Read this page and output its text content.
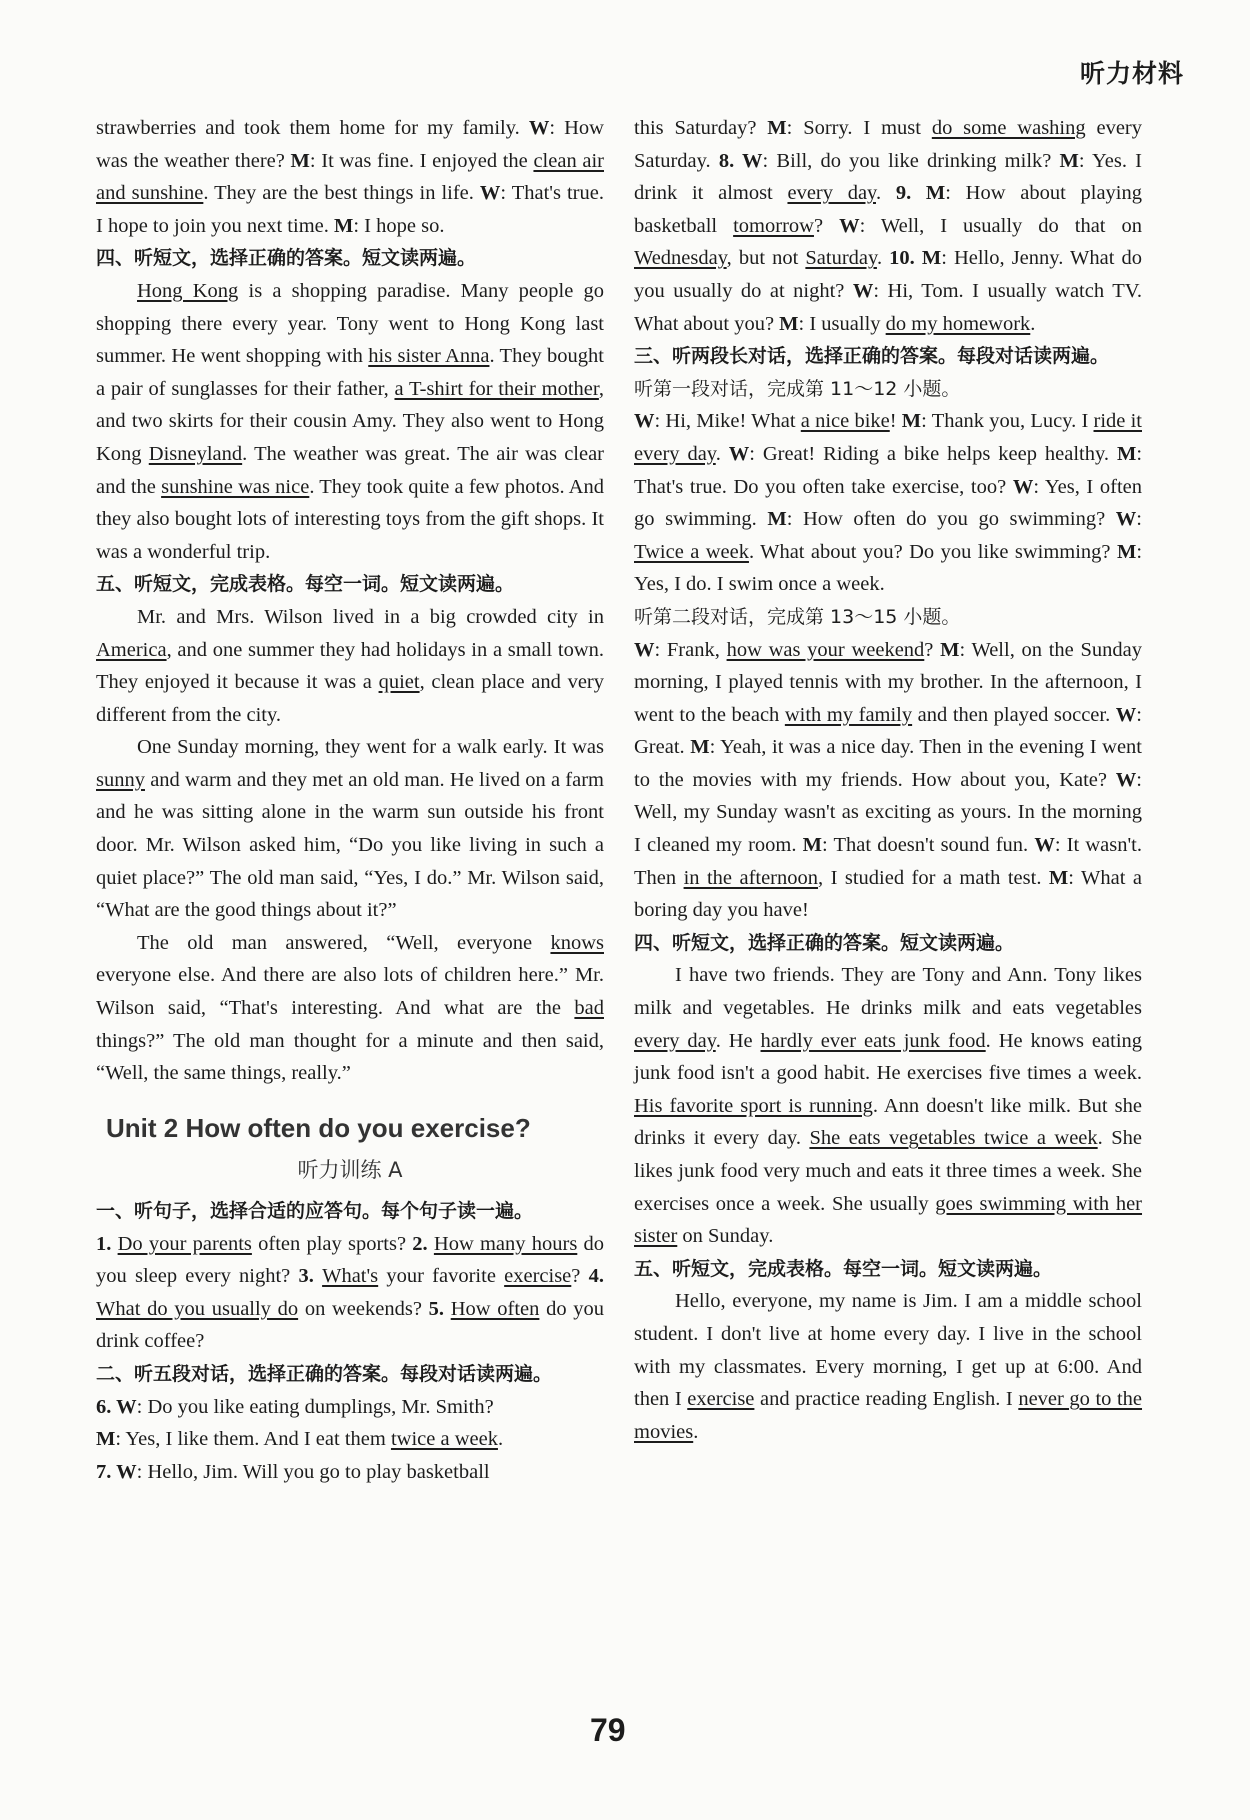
听力材料

strawberries and took them home for my family. W: How was the weather there? M: It was fine. I enjoyed the clean air and sunshine. They are the best things in life. W: That's true. I hope to join you next time. M: I hope so.

四、听短文，选择正确的答案。短文读两遍。

Hong Kong is a shopping paradise. Many people go shopping there every year. Tony went to Hong Kong last summer. He went shopping with his sister Anna. They bought a pair of sunglasses for their father, a T-shirt for their mother, and two skirts for their cousin Amy. They also went to Hong Kong Disneyland. The weather was great. The air was clear and the sunshine was nice. They took quite a few photos. And they also bought lots of interesting toys from the gift shops. It was a wonderful trip.

五、听短文，完成表格。每空一词。短文读两遍。

Mr. and Mrs. Wilson lived in a big crowded city in America, and one summer they had holidays in a small town. They enjoyed it because it was a quiet, clean place and very different from the city.

One Sunday morning, they went for a walk early. It was sunny and warm and they met an old man. He lived on a farm and he was sitting alone in the warm sun outside his front door. Mr. Wilson asked him, “Do you like living in such a quiet place?” The old man said, “Yes, I do.” Mr. Wilson said, “What are the good things about it?”

The old man answered, “Well, everyone knows everyone else. And there are also lots of children here.” Mr. Wilson said, “That's interesting. And what are the bad things?” The old man thought for a minute and then said, “Well, the same things, really.”

Unit 2 How often do you exercise?
听力训练 A

一、听句子，选择合适的应答句。每个句子读一遍。

1. Do your parents often play sports? 2. How many hours do you sleep every night? 3. What's your favorite exercise? 4. What do you usually do on weekends? 5. How often do you drink coffee?

二、听五段对话，选择正确的答案。每段对话读两遍。

6. W: Do you like eating dumplings, Mr. Smith?

M: Yes, I like them. And I eat them twice a week.

7. W: Hello, Jim. Will you go to play basketball

this Saturday? M: Sorry. I must do some washing every Saturday. 8. W: Bill, do you like drinking milk? M: Yes. I drink it almost every day. 9. M: How about playing basketball tomorrow? W: Well, I usually do that on Wednesday, but not Saturday. 10. M: Hello, Jenny. What do you usually do at night? W: Hi, Tom. I usually watch TV. What about you? M: I usually do my homework.

三、听两段长对话，选择正确的答案。每段对话读两遍。

听第一段对话，完成第 11～12 小题。

W: Hi, Mike! What a nice bike! M: Thank you, Lucy. I ride it every day. W: Great! Riding a bike helps keep healthy. M: That's true. Do you often take exercise, too? W: Yes, I often go swimming. M: How often do you go swimming? W: Twice a week. What about you? Do you like swimming? M: Yes, I do. I swim once a week.

听第二段对话，完成第 13～15 小题。

W: Frank, how was your weekend? M: Well, on the Sunday morning, I played tennis with my brother. In the afternoon, I went to the beach with my family and then played soccer. W: Great. M: Yeah, it was a nice day. Then in the evening I went to the movies with my friends. How about you, Kate? W: Well, my Sunday wasn't as exciting as yours. In the morning I cleaned my room. M: That doesn't sound fun. W: It wasn't. Then in the afternoon, I studied for a math test. M: What a boring day you have!

四、听短文，选择正确的答案。短文读两遍。

I have two friends. They are Tony and Ann. Tony likes milk and vegetables. He drinks milk and eats vegetables every day. He hardly ever eats junk food. He knows eating junk food isn't a good habit. He exercises five times a week. His favorite sport is running. Ann doesn't like milk. But she drinks it every day. She eats vegetables twice a week. She likes junk food very much and eats it three times a week. She exercises once a week. She usually goes swimming with her sister on Sunday.

五、听短文，完成表格。每空一词。短文读两遍。

Hello, everyone, my name is Jim. I am a middle school student. I don't live at home every day. I live in the school with my classmates. Every morning, I get up at 6:00. And then I exercise and practice reading English. I never go to the movies.

79
